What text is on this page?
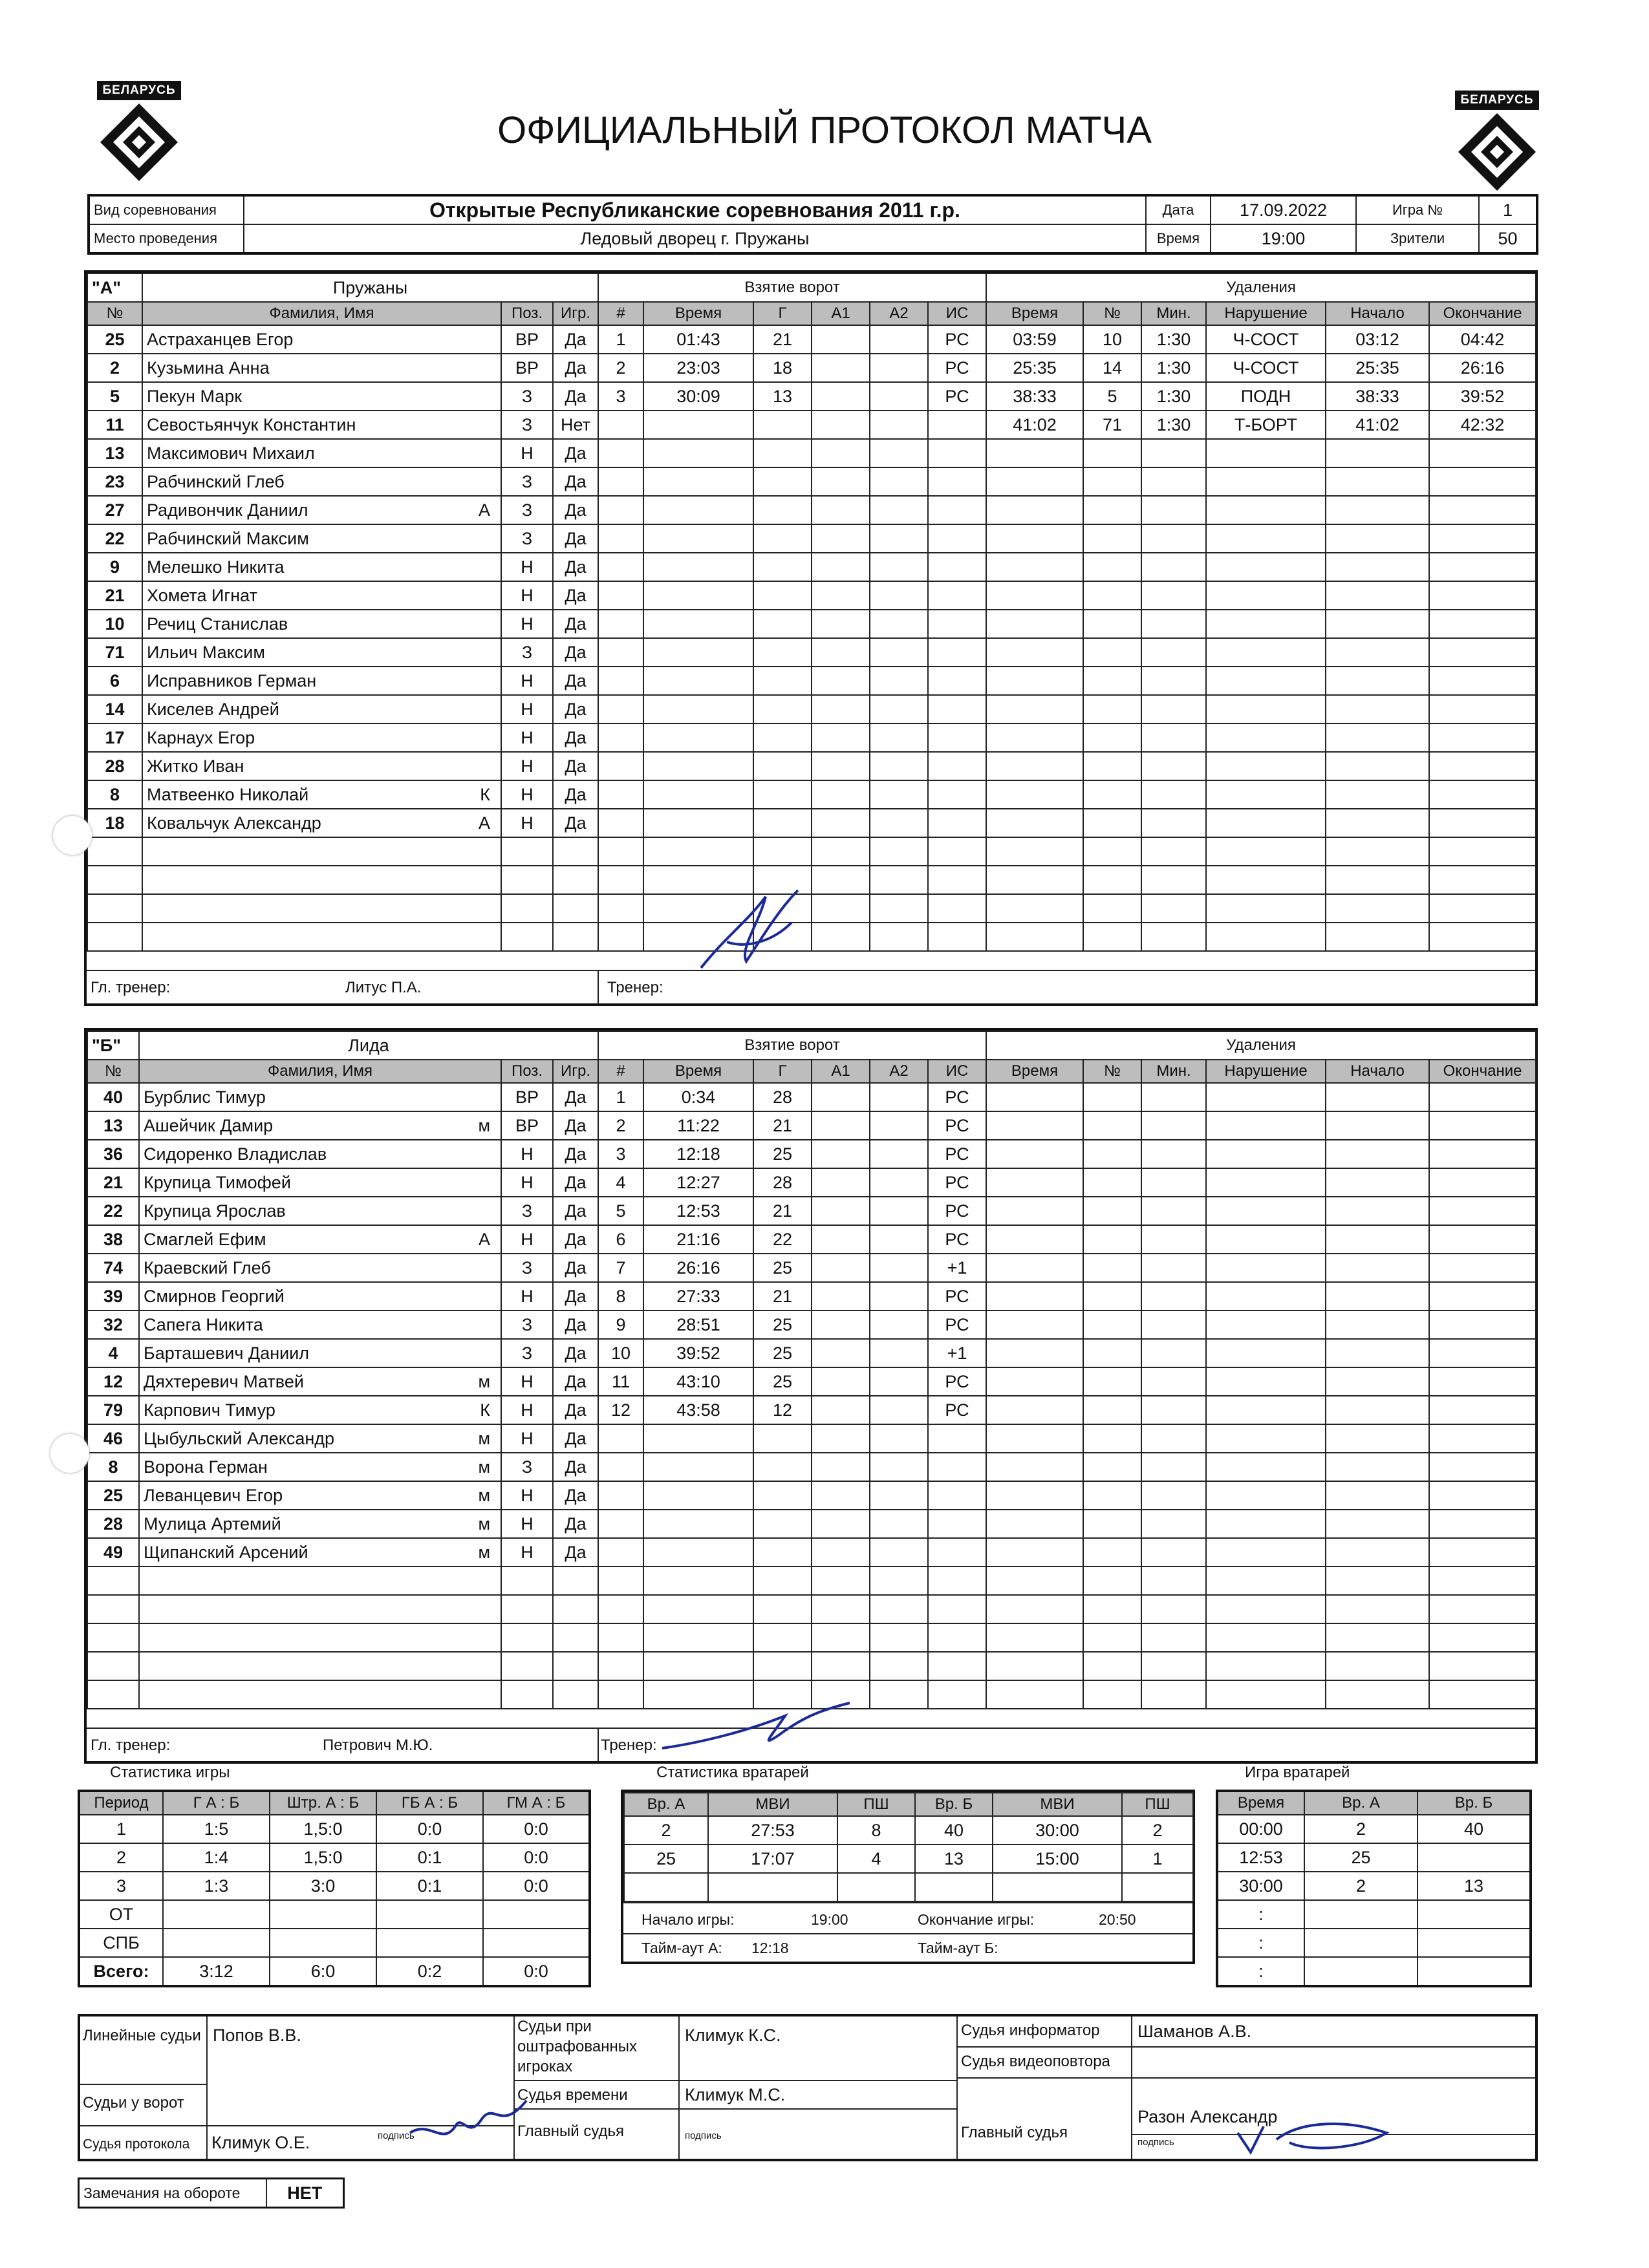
БЕЛАРУСЬ
БЕЛАРУСЬ
ОФИЦИАЛЬНЫЙ ПРОТОКОЛ МАТЧА
Вид соревнования	Открытые Республиканские соревнования 2011 г.р.	Дата	17.09.2022	Игра №	1
Место проведения	Ледовый дворец г. Пружаны	Время	19:00	Зрители	50
"А"	Пружаны		
№	Фамилия, Имя	Поз.	Игр.
25	Астраханцев Егор	ВР	Да
2	Кузьмина Анна	ВР	Да
5	Пекун Марк	З	Да
11	Севостьянчук Константин	З	Нет
13	Максимович Михаил	Н	Да
23	Рабчинский Глеб	З	Да
27	Радивончик Даниил А	З	Да
22	Рабчинский Максим	З	Да
9	Мелешко Никита	Н	Да
21	Хомета Игнат	Н	Да
10	Речиц Станислав	Н	Да
71	Ильич Максим	З	Да
6	Исправников Герман	Н	Да
14	Киселев Андрей	Н	Да
17	Карнаух Егор	Н	Да
28	Житко Иван	Н	Да
8	Матвеенко Николай К	Н	Да
18	Ковальчук Александр А	Н	Да

Взятие ворот					
#	Время	Г	А1	А2	ИС
1	01:43	21			РС
2	23:03	18			РС
3	30:09	13			РС

Удаления					
Время	№	Мин.	Нарушение	Начало	Окончание
03:59	10	1:30	Ч-СОСТ	03:12	04:42
25:35	14	1:30	Ч-СОСТ	25:35	26:16
38:33	5	1:30	ПОДН	38:33	39:52
41:02	71	1:30	Т-БОРТ	41:02	42:32

Гл. тренер:	Литус П.А.	Тренер:
"Б"	Лида		
№	Фамилия, Имя	Поз.	Игр.
40	Бурблис Тимур	ВР	Да
13	Ашейчик Дамир м	ВР	Да
36	Сидоренко Владислав	Н	Да
21	Крупица Тимофей	Н	Да
22	Крупица Ярослав	З	Да
38	Смаглей Ефим А	Н	Да
74	Краевский Глеб	З	Да
39	Смирнов Георгий	Н	Да
32	Сапега Никита	З	Да
4	Барташевич Даниил	З	Да
12	Дяхтеревич Матвей м	Н	Да
79	Карпович Тимур К	Н	Да
46	Цыбульский Александр м	Н	Да
8	Ворона Герман м	З	Да
25	Леванцевич Егор м	Н	Да
28	Мулица Артемий м	Н	Да
49	Щипанский Арсений м	Н	Да

Взятие ворот					
#	Время	Г	А1	А2	ИС
1	0:34	28			РС
2	11:22	21			РС
3	12:18	25			РС
4	12:27	28			РС
5	12:53	21			РС
6	21:16	22			РС
7	26:16	25			+1
8	27:33	21			РС
9	28:51	25			РС
10	39:52	25			+1
11	43:10	25			РС
12	43:58	12			РС

Удаления					
Время	№	Мин.	Нарушение	Начало	Окончание

Гл. тренер:	Петрович М.Ю.	Тренер:
Статистика игры
Период	Г А : Б	Штр. А : Б	ГБ А : Б	ГМ А : Б
1	1:5	1,5:0	0:0	0:0
2	1:4	1,5:0	0:1	0:0
3	1:3	3:0	0:1	0:0
ОТ				
СПБ				
Всего:	3:12	6:0	0:2	0:0
Статистика вратарей
Вр. А	МВИ	ПШ	Вр. Б	МВИ	ПШ
2	27:53	8	40	30:00	2
25	17:07	4	13	15:00	1

Начало игры:	19:00	Окончание игры:	20:50
Тайм-аут А: 12:18	Тайм-аут Б:
Игра вратарей
Время	Вр. А	Вр. Б
00:00	2	40
12:53	25	
30:00	2	13
:		
:		
:		
Линейные судьи Попов В.В.
Судьи у ворот
Судья протокола Климук О.Е.	подпись
Судьи при оштрафованных игроках
Климук К.С.
Судья времени	Климук М.С.
Главный судья	подпись
Судья информатор Шаманов А.В.
Судья видеоповтора
Главный судья
Разон Александр
подпись
Замечания на обороте	НЕТ
